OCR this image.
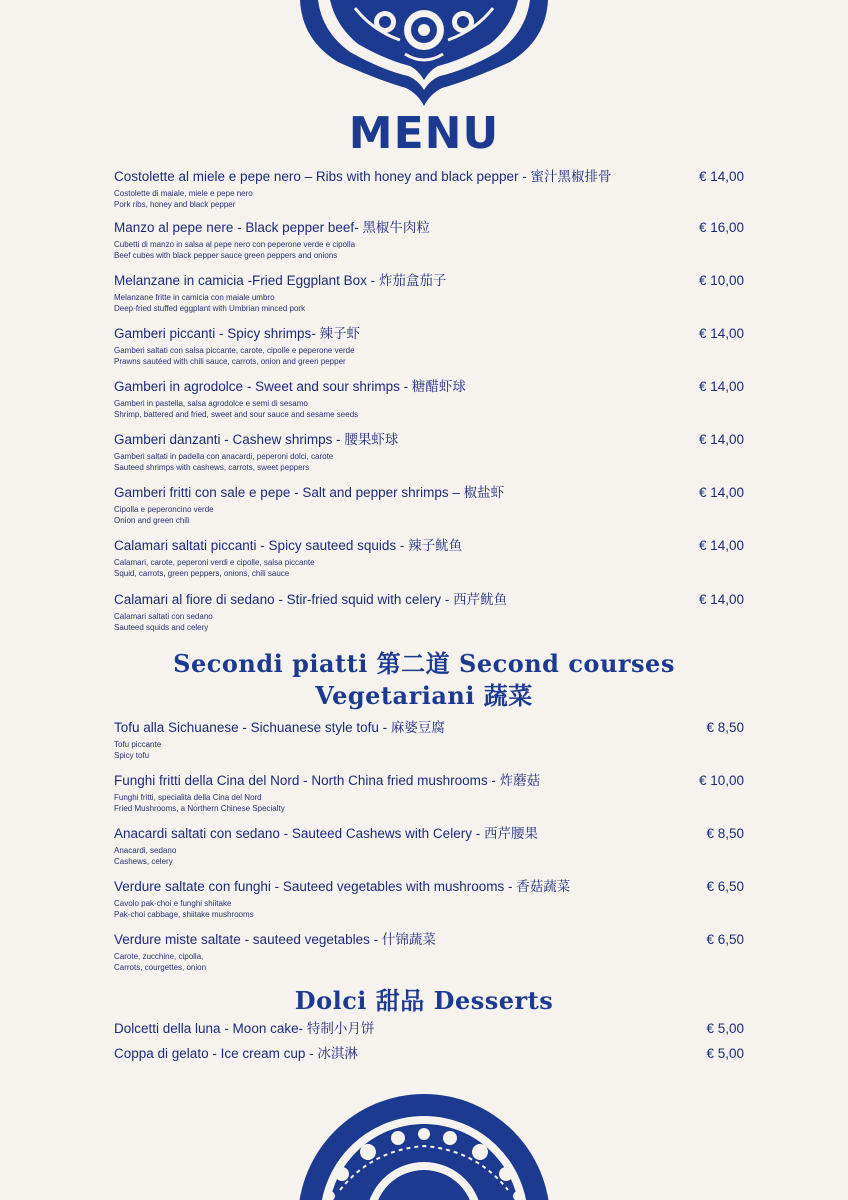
MENU
Costolette al miele e pepe nero – Ribs with honey and black pepper - 蜜汁黑椒排骨	€ 14,00
Costolette di maiale, miele e pepe nero
Pork ribs, honey and black pepper
Manzo al pepe nere - Black pepper beef- 黑椒牛肉粒	€ 16,00
Cubetti di manzo in salsa al pepe nero con peperone verde e cipolla
Beef cubes with black pepper sauce green peppers and onions
Melanzane in camicia -Fried Eggplant Box - 炸茄盒茄子	€ 10,00
Melanzane fritte in camicia con maiale umbro
Deep-fried stuffed eggplant with Umbrian minced pork
Gamberi piccanti - Spicy shrimps- 辣子虾	€ 14,00
Gamberi saltati con salsa piccante, carote, cipolle e peperone verde
Prawns sautéed with chili sauce, carrots, onion and green pepper
Gamberi in agrodolce - Sweet and sour shrimps - 糖醋虾球	€ 14,00
Gamberi in pastella, salsa agrodolce e semi di sesamo
Shrimp, battered and fried, sweet and sour sauce and sesame seeds
Gamberi danzanti - Cashew shrimps - 腰果虾球	€ 14,00
Gamberi saltati in padella con anacardi, peperoni dolci, carote
Sauteed shrimps with cashews, carrots, sweet peppers
Gamberi fritti con sale e pepe - Salt and pepper shrimps – 椒盐虾	€ 14,00
Cipolla e peperoncino verde
Onion and green chili
Calamari saltati piccanti - Spicy sauteed squids - 辣子鱿鱼	€ 14,00
Calamari, carote, peperoni verdi e cipolle, salsa piccante
Squid, carrots, green peppers, onions, chili sauce
Calamari al fiore di sedano - Stir-fried squid with celery - 西芹鱿鱼	€ 14,00
Calamari saltati con sedano
Sauteed squids and celery
Secondi piatti 第二道 Second courses
Vegetariani 蔬菜
Tofu alla Sichuanese - Sichuanese style tofu - 麻婆豆腐	€ 8,50
Tofu piccante
Spicy tofu
Funghi fritti della Cina del Nord - North China fried mushrooms - 炸蘑菇	€ 10,00
Funghi fritti, specialità della Cina del Nord
Fried Mushrooms, a Northern Chinese Specialty
Anacardi saltati con sedano - Sauteed Cashews with Celery - 西芹腰果	€ 8,50
Anacardi, sedano
Cashews, celery
Verdure saltate con funghi - Sauteed vegetables with mushrooms - 香菇蔬菜	€ 6,50
Cavolo pak-choi e funghi shiitake
Pak-choi cabbage, shiitake mushrooms
Verdure miste saltate - sauteed vegetables - 什锦蔬菜	€ 6,50
Carote, zucchine, cipolla,
Carrots, courgettes, onion
Dolci 甜品 Desserts
Dolcetti della luna - Moon cake- 特制小月饼	€ 5,00
Coppa di gelato - Ice cream cup - 冰淇淋	€ 5,00
